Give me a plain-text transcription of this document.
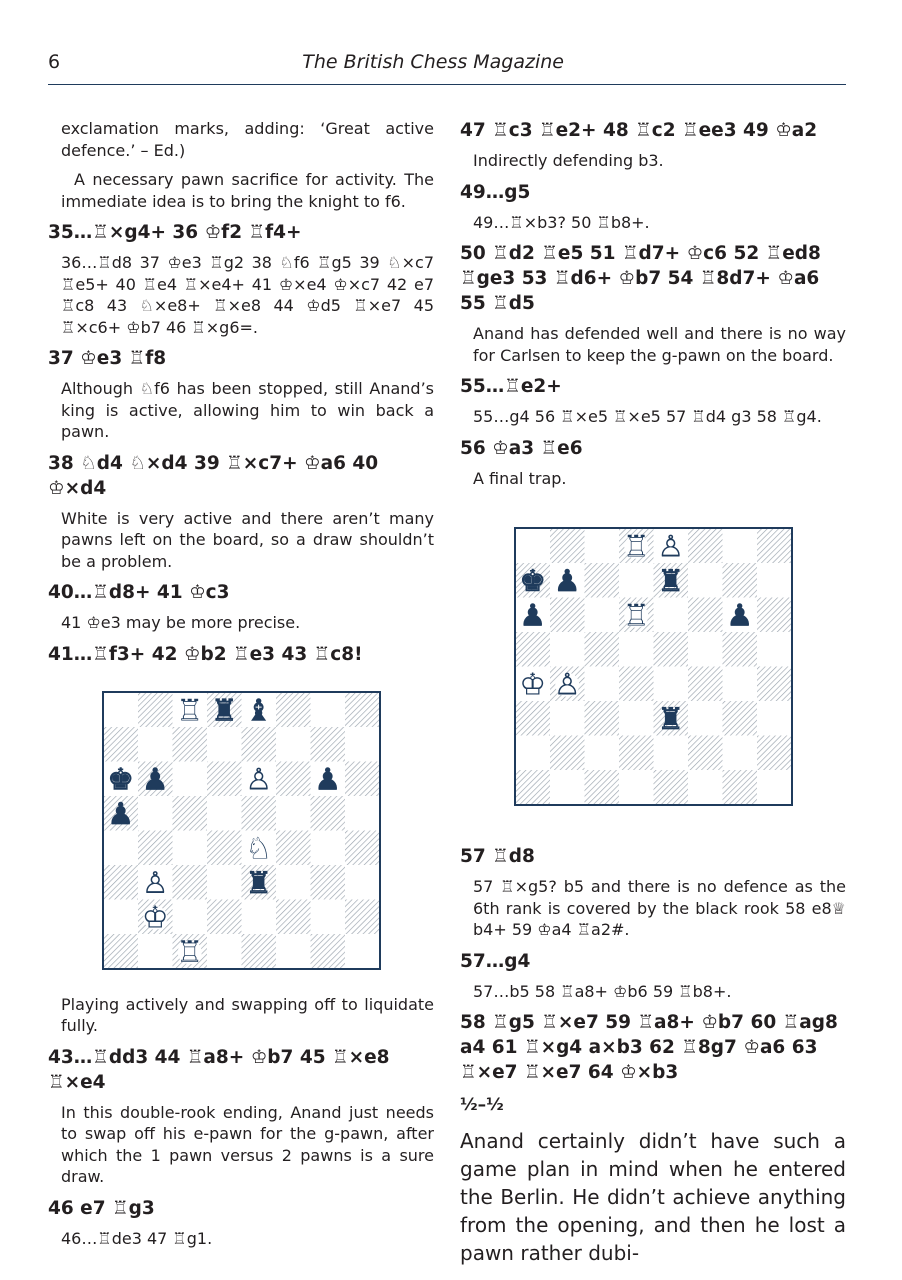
6	The British Chess Magazine
exclamation marks, adding: ‘Great active defence.’ – Ed.)
A necessary pawn sacrifice for activity. The immediate idea is to bring the knight to f6.
35…♖×g4+ 36 ♔f2 ♖f4+
36…♖d8 37 ♔e3 ♖g2 38 ♘f6 ♖g5 39 ♘×c7 ♖e5+ 40 ♖e4 ♖×e4+ 41 ♔×e4 ♔×c7 42 e7 ♖c8 43 ♘×e8+ ♖×e8 44 ♔d5 ♖×e7 45 ♖×c6+ ♔b7 46 ♖×g6=.
37 ♔e3 ♖f8
Although ♘f6 has been stopped, still Anand’s king is active, allowing him to win back a pawn.
38 ♘d4 ♘×d4 39 ♖×c7+ ♔a6 40 ♔×d4
White is very active and there aren’t many pawns left on the board, so a draw shouldn’t be a problem.
40…♖d8+ 41 ♔c3
41 ♔e3 may be more precise.
41…♖f3+ 42 ♔b2 ♖e3 43 ♖c8!
♖ ♜ ♝
♚ ♟	♙ ♟
♟
♘
♙	♜
♔
♖
Playing actively and swapping off to liquidate fully.
43…♖dd3 44 ♖a8+ ♔b7 45 ♖×e8 ♖×e4
In this double-rook ending, Anand just needs to swap off his e-pawn for the g-pawn, after which the 1 pawn versus 2 pawns is a sure draw.
46 e7 ♖g3
46…♖de3 47 ♖g1.
47 ♖c3 ♖e2+ 48 ♖c2 ♖ee3 49 ♔a2
Indirectly defending b3.
49…g5
49…♖×b3? 50 ♖b8+.
50 ♖d2 ♖e5 51 ♖d7+ ♔c6 52 ♖ed8 ♖ge3 53 ♖d6+ ♔b7 54 ♖8d7+ ♔a6 55 ♖d5
Anand has defended well and there is no way for Carlsen to keep the g-pawn on the board.
55…♖e2+
55…g4 56 ♖×e5 ♖×e5 57 ♖d4 g3 58 ♖g4.
56 ♔a3 ♖e6
A final trap.
♖ ♙
♚ ♟	♜
♟	♖	♟
♔ ♙
♜
57 ♖d8
57 ♖×g5? b5 and there is no defence as the 6th rank is covered by the black rook 58 e8♕ b4+ 59 ♔a4 ♖a2#.
57…g4
57…b5 58 ♖a8+ ♔b6 59 ♖b8+.
58 ♖g5 ♖×e7 59 ♖a8+ ♔b7 60 ♖ag8 a4 61 ♖×g4 a×b3 62 ♖8g7 ♔a6 63 ♖×e7 ♖×e7 64 ♔×b3
½–½
Anand certainly didn’t have such a game plan in mind when he entered the Berlin. He didn’t achieve anything from the opening, and then he lost a pawn rather dubi-
